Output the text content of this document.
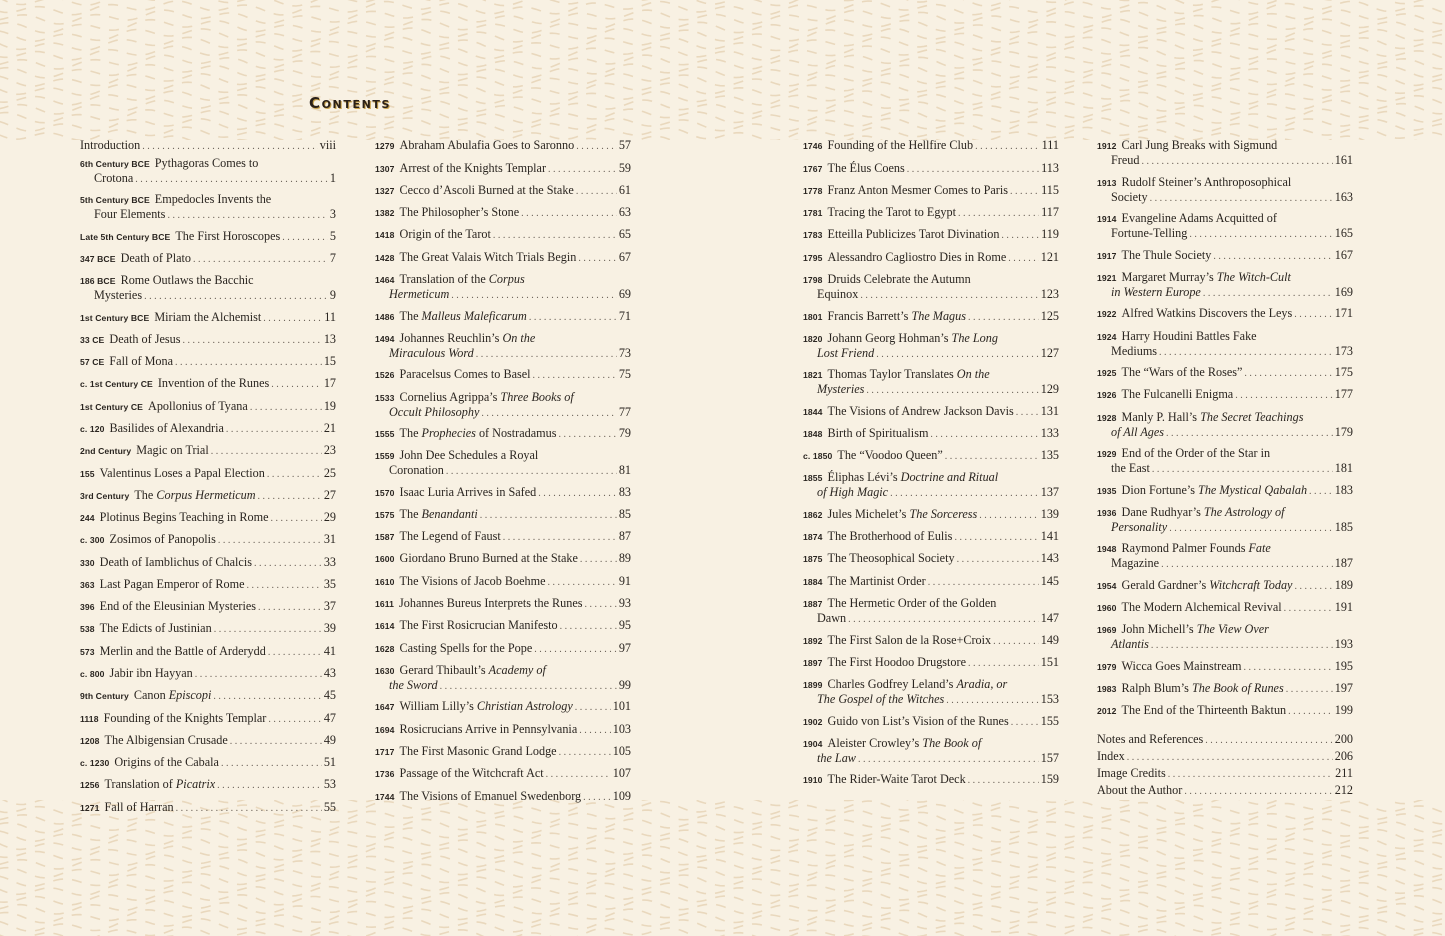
Contents
Introduction . . .	viii
6th Century BCE Pythagoras Comes to
Crotona . . .	1
5th Century BCE Empedocles Invents the
Four Elements . . .	3
Late 5th Century BCE The First Horoscopes . . .	5
347 BCE Death of Plato . . .	7
186 BCE Rome Outlaws the Bacchic
Mysteries . . .	9
1st Century BCE Miriam the Alchemist . . .	11
33 CE Death of Jesus . . .	13
57 CE Fall of Mona . . .	15
c. 1st Century CE Invention of the Runes . . .	17
1st Century CE Apollonius of Tyana . . .	19
c. 120 Basilides of Alexandria . . .	21
2nd Century Magic on Trial . . .	23
155 Valentinus Loses a Papal Election . . .	25
3rd Century The Corpus Hermeticum . . .	27
244 Plotinus Begins Teaching in Rome . . .	29
c. 300 Zosimos of Panopolis . . .	31
330 Death of Iamblichus of Chalcis . . .	33
363 Last Pagan Emperor of Rome . . .	35
396 End of the Eleusinian Mysteries . . .	37
538 The Edicts of Justinian . . .	39
573 Merlin and the Battle of Arderydd . . .	41
c. 800 Jabir ibn Hayyan . . .	43
9th Century Canon Episcopi . . .	45
1118 Founding of the Knights Templar . . .	47
1208 The Albigensian Crusade . . .	49
c. 1230 Origins of the Cabala . . .	51
1256 Translation of Picatrix . . .	53
1271 Fall of Harran . . .	55
1279 Abraham Abulafia Goes to Saronno . . .	57
1307 Arrest of the Knights Templar . . .	59
1327 Cecco d’Ascoli Burned at the Stake . . .	61
1382 The Philosopher’s Stone . . .	63
1418 Origin of the Tarot . . .	65
1428 The Great Valais Witch Trials Begin . . .	67
1464 Translation of the Corpus
Hermeticum . . .	69
1486 The Malleus Maleficarum . . .	71
1494 Johannes Reuchlin’s On the
Miraculous Word . . .	73
1526 Paracelsus Comes to Basel . . .	75
1533 Cornelius Agrippa’s Three Books of
Occult Philosophy . . .	77
1555 The Prophecies of Nostradamus . . .	79
1559 John Dee Schedules a Royal
Coronation . . .	81
1570 Isaac Luria Arrives in Safed . . .	83
1575 The Benandanti . . .	85
1587 The Legend of Faust . . .	87
1600 Giordano Bruno Burned at the Stake . . .	89
1610 The Visions of Jacob Boehme . . .	91
1611 Johannes Bureus Interprets the Runes . . .	93
1614 The First Rosicrucian Manifesto . . .	95
1628 Casting Spells for the Pope . . .	97
1630 Gerard Thibault’s Academy of
the Sword . . .	99
1647 William Lilly’s Christian Astrology . . .	101
1694 Rosicrucians Arrive in Pennsylvania . . .	103
1717 The First Masonic Grand Lodge . . .	105
1736 Passage of the Witchcraft Act . . .	107
1744 The Visions of Emanuel Swedenborg . . .	109
1746 Founding of the Hellfire Club . . .	111
1767 The Élus Coens . . .	113
1778 Franz Anton Mesmer Comes to Paris . . .	115
1781 Tracing the Tarot to Egypt . . .	117
1783 Etteilla Publicizes Tarot Divination . . .	119
1795 Alessandro Cagliostro Dies in Rome . . .	121
1798 Druids Celebrate the Autumn
Equinox . . .	123
1801 Francis Barrett’s The Magus . . .	125
1820 Johann Georg Hohman’s The Long
Lost Friend . . .	127
1821 Thomas Taylor Translates On the
Mysteries . . .	129
1844 The Visions of Andrew Jackson Davis . . . 131
1848 Birth of Spiritualism . . .	133
c. 1850 The “Voodoo Queen” . . .	135
1855 Éliphas Lévi’s Doctrine and Ritual
of High Magic . . .	137
1862 Jules Michelet’s The Sorceress . . .	139
1874 The Brotherhood of Eulis . . .	141
1875 The Theosophical Society . . .	143
1884 The Martinist Order . . .	145
1887 The Hermetic Order of the Golden
Dawn . . .	147
1892 The First Salon de la Rose+Croix . . .	149
1897 The First Hoodoo Drugstore . . .	151
1899 Charles Godfrey Leland’s Aradia, or
The Gospel of the Witches . . .	153
1902 Guido von List’s Vision of the Runes . . .	155
1904 Aleister Crowley’s The Book of
the Law . . .	157
1910 The Rider-Waite Tarot Deck . . .	159
1912 Carl Jung Breaks with Sigmund
Freud . . .	161
1913 Rudolf Steiner’s Anthroposophical
Society . . .	163
1914 Evangeline Adams Acquitted of
Fortune-Telling . . .	165
1917 The Thule Society . . .	167
1921 Margaret Murray’s The Witch-Cult
in Western Europe . . .	169
1922 Alfred Watkins Discovers the Leys . . .	171
1924 Harry Houdini Battles Fake
Mediums . . .	173
1925 The “Wars of the Roses” . . .	175
1926 The Fulcanelli Enigma . . .	177
1928 Manly P. Hall’s The Secret Teachings
of All Ages . . .	179
1929 End of the Order of the Star in
the East . . .	181
1935 Dion Fortune’s The Mystical Qabalah . . . 183
1936 Dane Rudhyar’s The Astrology of
Personality . . .	185
1948 Raymond Palmer Founds Fate
Magazine . . .	187
1954 Gerald Gardner’s Witchcraft Today . . .	189
1960 The Modern Alchemical Revival . . .	191
1969 John Michell’s The View Over
Atlantis . . .	193
1979 Wicca Goes Mainstream . . .	195
1983 Ralph Blum’s The Book of Runes . . .	197
2012 The End of the Thirteenth Baktun . . .	199
Notes and References . . .	200
Index . . .	206
Image Credits . . .	211
About the Author . . .	212
